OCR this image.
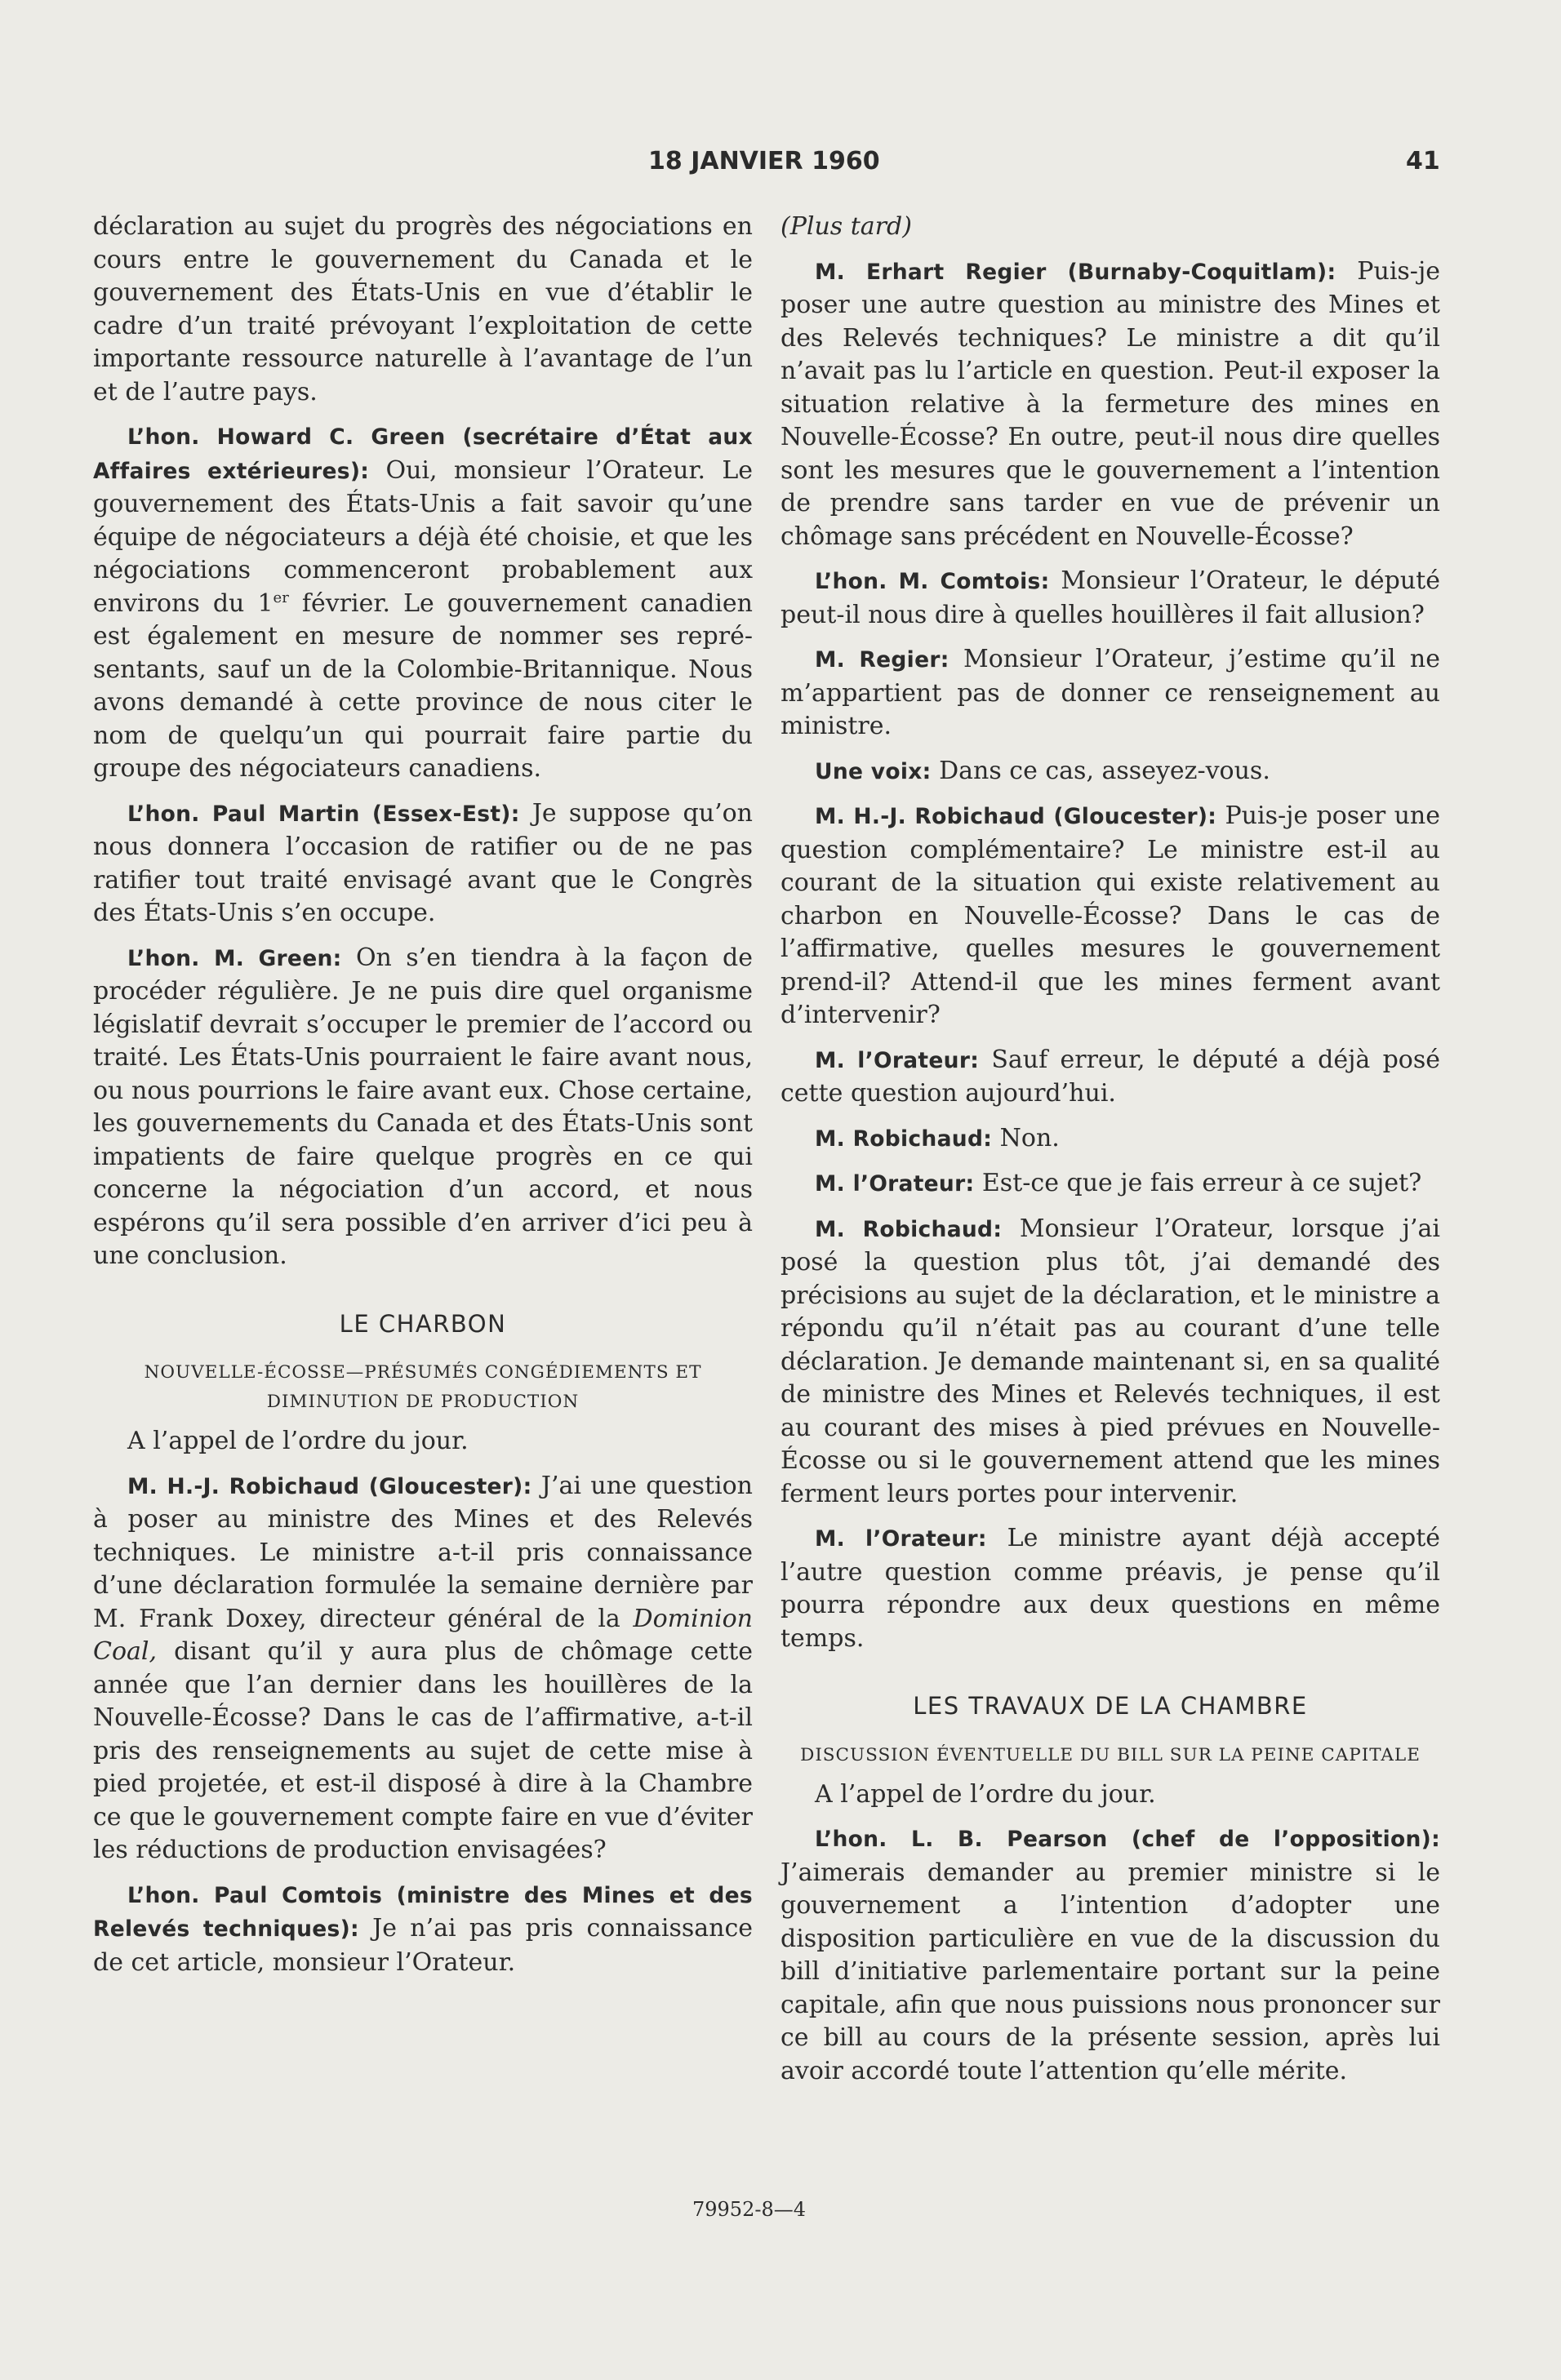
18 JANVIER 1960	41

déclaration au sujet du progrès des négociations en cours entre le gouvernement du Canada et le gouvernement des États-Unis en vue d’établir le cadre d’un traité prévoyant l’exploitation de cette importante ressource naturelle à l’avantage de l’un et de l’autre pays.

L’hon. Howard C. Green (secrétaire d’État aux Affaires extérieures): Oui, monsieur l’Orateur. Le gouvernement des États-Unis a fait savoir qu’une équipe de négociateurs a déjà été choisie, et que les négociations commenceront probablement aux environs du 1er février. Le gouvernement canadien est également en mesure de nommer ses représentants, sauf un de la Colombie-Britannique. Nous avons demandé à cette province de nous citer le nom de quelqu’un qui pourrait faire partie du groupe des négociateurs canadiens.

L’hon. Paul Martin (Essex-Est): Je suppose qu’on nous donnera l’occasion de ratifier ou de ne pas ratifier tout traité envisagé avant que le Congrès des États-Unis s’en occupe.

L’hon. M. Green: On s’en tiendra à la façon de procéder régulière. Je ne puis dire quel organisme législatif devrait s’occuper le premier de l’accord ou traité. Les États-Unis pourraient le faire avant nous, ou nous pourrions le faire avant eux. Chose certaine, les gouvernements du Canada et des États-Unis sont impatients de faire quelque progrès en ce qui concerne la négociation d’un accord, et nous espérons qu’il sera possible d’en arriver d’ici peu à une conclusion.

LE CHARBON
NOUVELLE-ÉCOSSE—PRÉSUMÉS CONGÉDIEMENTS ET DIMINUTION DE PRODUCTION

A l’appel de l’ordre du jour.

M. H.-J. Robichaud (Gloucester): J’ai une question à poser au ministre des Mines et des Relevés techniques. Le ministre a-t-il pris connaissance d’une déclaration formulée la semaine dernière par M. Frank Doxey, directeur général de la Dominion Coal, disant qu’il y aura plus de chômage cette année que l’an dernier dans les houillères de la Nouvelle-Écosse? Dans le cas de l’affirmative, a-t-il pris des renseignements au sujet de cette mise à pied projetée, et est-il disposé à dire à la Chambre ce que le gouvernement compte faire en vue d’éviter les réductions de production envisagées?

L’hon. Paul Comtois (ministre des Mines et des Relevés techniques): Je n’ai pas pris connaissance de cet article, monsieur l’Orateur.

(Plus tard)

M. Erhart Regier (Burnaby-Coquitlam): Puis-je poser une autre question au ministre des Mines et des Relevés techniques? Le ministre a dit qu’il n’avait pas lu l’article en question. Peut-il exposer la situation relative à la fermeture des mines en Nouvelle-Écosse? En outre, peut-il nous dire quelles sont les mesures que le gouvernement a l’intention de prendre sans tarder en vue de prévenir un chômage sans précédent en Nouvelle-Écosse?

L’hon. M. Comtois: Monsieur l’Orateur, le député peut-il nous dire à quelles houillères il fait allusion?

M. Regier: Monsieur l’Orateur, j’estime qu’il ne m’appartient pas de donner ce renseignement au ministre.

Une voix: Dans ce cas, asseyez-vous.

M. H.-J. Robichaud (Gloucester): Puis-je poser une question complémentaire? Le ministre est-il au courant de la situation qui existe relativement au charbon en Nouvelle-Écosse? Dans le cas de l’affirmative, quelles mesures le gouvernement prend-il? Attend-il que les mines ferment avant d’intervenir?

M. l’Orateur: Sauf erreur, le député a déjà posé cette question aujourd’hui.

M. Robichaud: Non.

M. l’Orateur: Est-ce que je fais erreur à ce sujet?

M. Robichaud: Monsieur l’Orateur, lorsque j’ai posé la question plus tôt, j’ai demandé des précisions au sujet de la déclaration, et le ministre a répondu qu’il n’était pas au courant d’une telle déclaration. Je demande maintenant si, en sa qualité de ministre des Mines et Relevés techniques, il est au courant des mises à pied prévues en Nouvelle-Écosse ou si le gouvernement attend que les mines ferment leurs portes pour intervenir.

M. l’Orateur: Le ministre ayant déjà accepté l’autre question comme préavis, je pense qu’il pourra répondre aux deux questions en même temps.

LES TRAVAUX DE LA CHAMBRE
DISCUSSION ÉVENTUELLE DU BILL SUR LA PEINE CAPITALE

A l’appel de l’ordre du jour.

L’hon. L. B. Pearson (chef de l’opposition): J’aimerais demander au premier ministre si le gouvernement a l’intention d’adopter une disposition particulière en vue de la discussion du bill d’initiative parlementaire portant sur la peine capitale, afin que nous puissions nous prononcer sur ce bill au cours de la présente session, après lui avoir accordé toute l’attention qu’elle mérite.

79952-8—4
